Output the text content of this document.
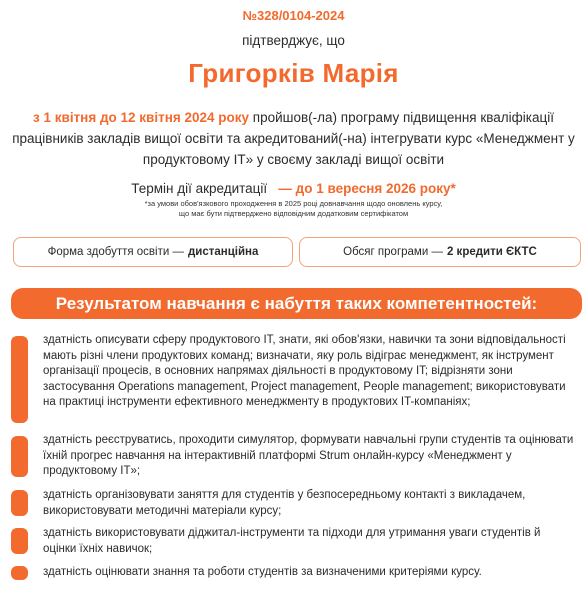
№328/0104-2024
підтверджує, що
Григорків Марія
з 1 квітня до 12 квітня 2024 року пройшов(-ла) програму підвищення кваліфікації працівників закладів вищої освіти та акредитований(-на) інтегрувати курс «Менеджмент у продуктовому IT» у своєму закладі вищої освіти
Термін дії акредитації — до 1 вересня 2026 року*
*за умови обов'язкового проходження в 2025 році довнавчання щодо оновлень курсу,
що має бути підтверджено відповідним додатковим сертифікатом
Форма здобуття освіти — дистанційна	Обсяг програми — 2 кредити ЄКТС
Результатом навчання є набуття таких компетентностей:
здатність описувати сферу продуктового IT, знати, які обов'язки, навички та зони відповідальності мають різні члени продуктових команд; визначати, яку роль відіграє менеджмент, як інструмент організації процесів, в основних напрямах діяльності в продуктовому IT; відрізняти зони застосування Operations management, Project management, People management; використовувати на практиці інструменти ефективного менеджменту в продуктових IT-компаніях;
здатність реєструватись, проходити симулятор, формувати навчальні групи студентів та оцінювати їхній прогрес навчання на інтерактивній платформі Strum онлайн-курсу «Менеджмент у продуктовому IT»;
здатність організовувати заняття для студентів у безпосередньому контакті з викладачем, використовувати методичні матеріали курсу;
здатність використовувати діджитал-інструменти та підходи для утримання уваги студентів й оцінки їхніх навичок;
здатність оцінювати знання та роботи студентів за визначеними критеріями курсу.
